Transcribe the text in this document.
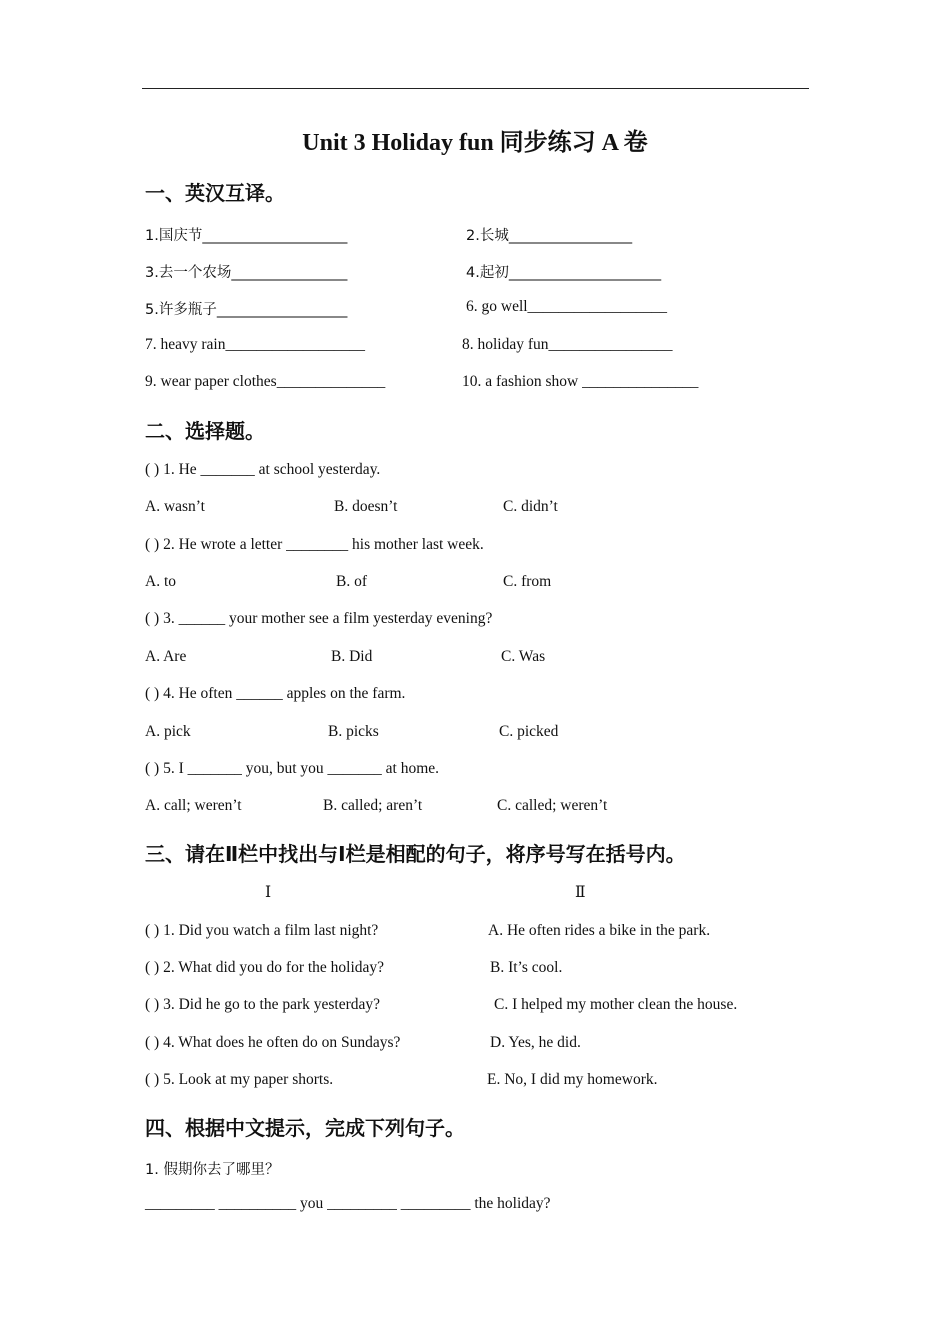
Unit 3 Holiday fun 同步练习 A 卷
一、英汉互译。
1.国庆节____________________	2.长城_________________
3.去一个农场________________	4.起初_____________________
5.许多瓶子__________________	6. go well__________________
7. heavy rain__________________	8. holiday fun________________
9. wear paper clothes______________	10. a fashion show _______________
二、选择题。
( ) 1. He _______ at school yesterday.
A. wasn’t	B. doesn’t	C. didn’t
( ) 2. He wrote a letter ________ his mother last week.
A. to	B. of	C. from
( ) 3. ______ your mother see a film yesterday evening?
A. Are	B. Did	C. Was
( ) 4. He often ______ apples on the farm.
A. pick	B. picks	C. picked
( ) 5. I _______ you, but you _______ at home.
A. call; weren’t	B. called; aren’t	C. called; weren’t
三、请在Ⅱ栏中找出与Ⅰ栏是相配的句子，将序号写在括号内。
Ⅰ	Ⅱ
( ) 1. Did you watch a film last night?	A. He often rides a bike in the park.
( ) 2. What did you do for the holiday?	B. It’s cool.
( ) 3. Did he go to the park yesterday?	C. I helped my mother clean the house.
( ) 4. What does he often do on Sundays?	D. Yes, he did.
( ) 5. Look at my paper shorts.	E. No, I did my homework.
四、根据中文提示，完成下列句子。
1. 假期你去了哪里？
_________ __________ you _________ _________ the holiday?
